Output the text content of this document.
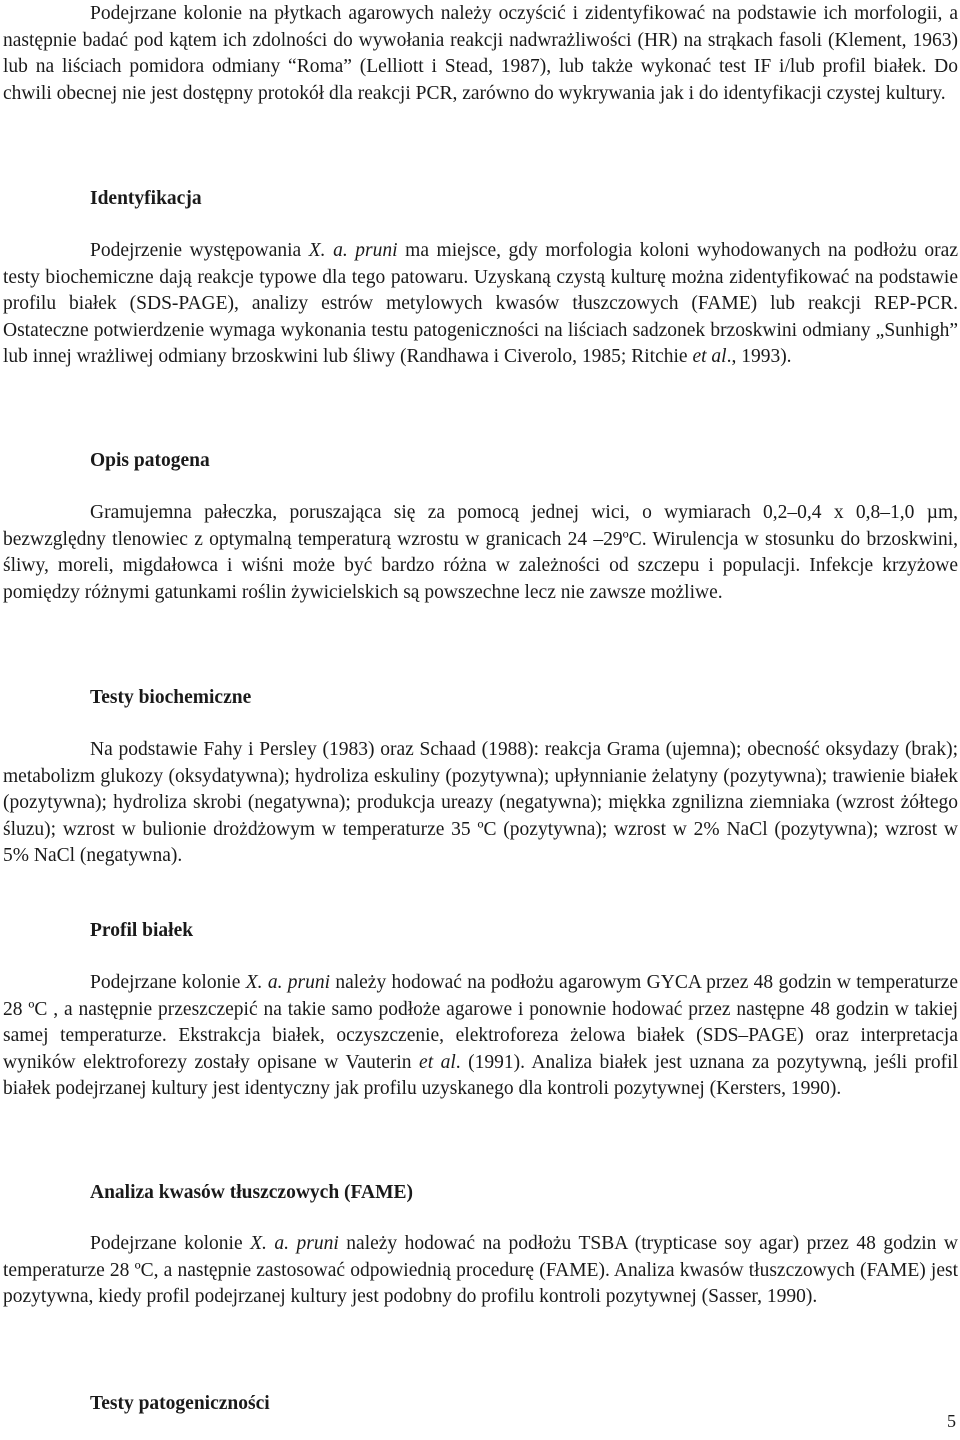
Podejrzane kolonie na płytkach agarowych należy oczyścić i zidentyfikować na podstawie ich morfologii, a następnie badać pod kątem ich zdolności do wywołania reakcji nadwrażliwości (HR) na strąkach fasoli (Klement, 1963) lub na liściach pomidora odmiany “Roma” (Lelliott i Stead, 1987), lub także wykonać test IF i/lub profil białek. Do chwili obecnej nie jest dostępny protokół dla reakcji PCR, zarówno do wykrywania jak i do identyfikacji czystej kultury.

Identyfikacja

Podejrzenie występowania X. a. pruni ma miejsce, gdy morfologia koloni wyhodowanych na podłożu oraz testy biochemiczne dają reakcje typowe dla tego patowaru. Uzyskaną czystą kulturę można zidentyfikować na podstawie profilu białek (SDS-PAGE), analizy estrów metylowych kwasów tłuszczowych (FAME) lub reakcji REP-PCR. Ostateczne potwierdzenie wymaga wykonania testu patogeniczności na liściach sadzonek brzoskwini odmiany „Sunhigh” lub innej wrażliwej odmiany brzoskwini lub śliwy (Randhawa i Civerolo, 1985; Ritchie et al., 1993).

Opis patogena

Gramujemna pałeczka, poruszająca się za pomocą jednej wici, o wymiarach 0,2–0,4 x 0,8–1,0 µm, bezwzględny tlenowiec z optymalną temperaturą wzrostu w granicach 24 –29ºC. Wirulencja w stosunku do brzoskwini, śliwy, moreli, migdałowca i wiśni może być bardzo różna w zależności od szczepu i populacji. Infekcje krzyżowe pomiędzy różnymi gatunkami roślin żywicielskich są powszechne lecz nie zawsze możliwe.

Testy biochemiczne

Na podstawie Fahy i Persley (1983) oraz Schaad (1988): reakcja Grama (ujemna); obecność oksydazy (brak); metabolizm glukozy (oksydatywna); hydroliza eskuliny (pozytywna); upłynnianie żelatyny (pozytywna); trawienie białek (pozytywna); hydroliza skrobi (negatywna); produkcja ureazy (negatywna); miękka zgnilizna ziemniaka (wzrost żółtego śluzu); wzrost w bulionie drożdżowym w temperaturze 35 ºC (pozytywna); wzrost w 2% NaCl (pozytywna); wzrost w 5% NaCl (negatywna).

Profil białek

Podejrzane kolonie X. a. pruni należy hodować na podłożu agarowym GYCA przez 48 godzin w temperaturze 28 ºC , a następnie przeszczepić na takie samo podłoże agarowe i ponownie hodować przez następne 48 godzin w takiej samej temperaturze. Ekstrakcja białek, oczyszczenie, elektroforeza żelowa białek (SDS–PAGE) oraz interpretacja wyników elektroforezy zostały opisane w Vauterin et al. (1991). Analiza białek jest uznana za pozytywną, jeśli profil białek podejrzanej kultury jest identyczny jak profilu uzyskanego dla kontroli pozytywnej (Kersters, 1990).

Analiza kwasów tłuszczowych (FAME)

Podejrzane kolonie X. a. pruni należy hodować na podłożu TSBA (trypticase soy agar) przez 48 godzin w temperaturze 28 ºC, a następnie zastosować odpowiednią procedurę (FAME). Analiza kwasów tłuszczowych (FAME) jest pozytywna, kiedy profil podejrzanej kultury jest podobny do profilu kontroli pozytywnej (Sasser, 1990).

Testy patogeniczności

5
